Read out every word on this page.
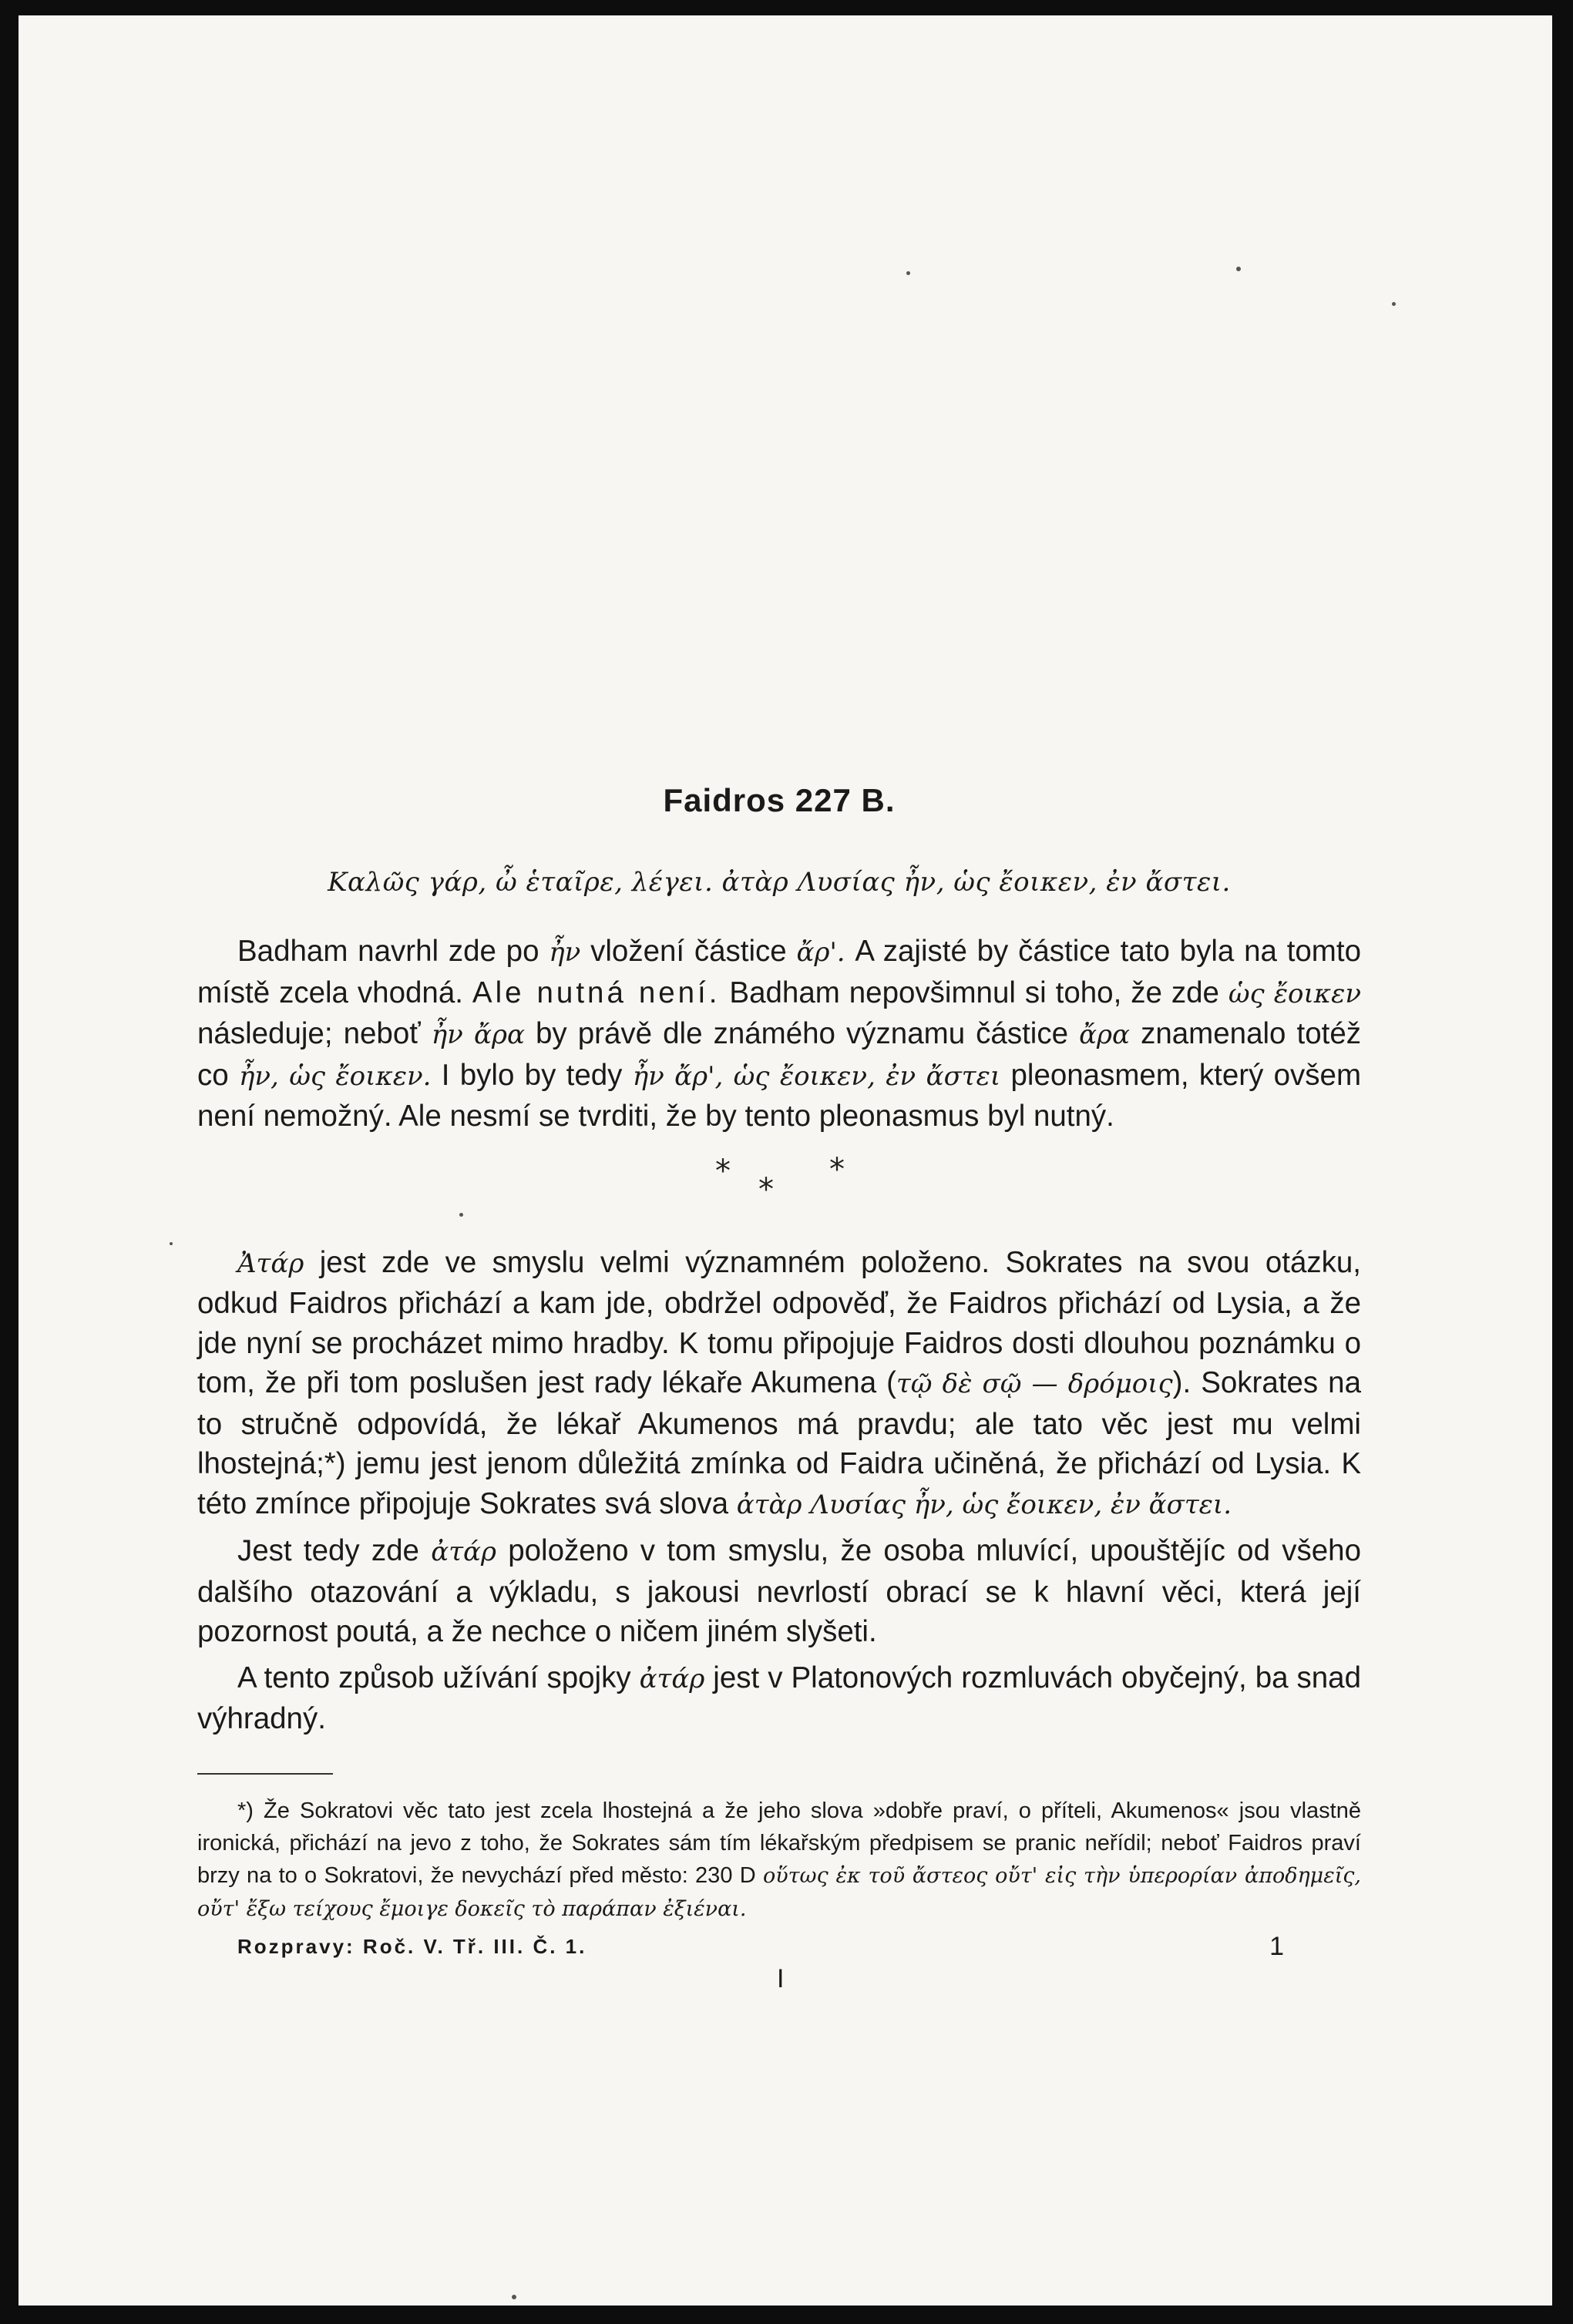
Faidros 227 B.

Καλῶς γάρ, ὦ ἑταῖρε, λέγει. ἀτὰρ Λυσίας ἦν, ὡς ἔοικεν, ἐν ἄστει.

Badham navrhl zde po ἦν vložení částice ἄρ'. A zajisté by částice tato byla na tomto místě zcela vhodná. Ale nutná není. Badham nepovšimnul si toho, že zde ὡς ἔοικεν následuje; neboť ἦν ἄρα by právě dle známého významu částice ἄρα znamenalo totéž co ἦν, ὡς ἔοικεν. I bylo by tedy ἦν ἄρ', ὡς ἔοικεν, ἐν ἄστει pleonasmem, který ovšem není nemožný. Ale nesmí se tvrditi, že by tento pleonasmus byl nutný.

*
*
*

Ἀτάρ jest zde ve smyslu velmi významném položeno. Sokrates na svou otázku, odkud Faidros přichází a kam jde, obdržel odpověď, že Faidros přichází od Lysia, a že jde nyní se procházet mimo hradby. K tomu připojuje Faidros dosti dlouhou poznámku o tom, že při tom poslušen jest rady lékaře Akumena (τῷ δὲ σῷ — δρόμοις). Sokrates na to stručně odpovídá, že lékař Akumenos má pravdu; ale tato věc jest mu velmi lhostejná;*) jemu jest jenom důležitá zmínka od Faidra učiněná, že přichází od Lysia. K této zmínce připojuje Sokrates svá slova ἀτὰρ Λυσίας ἦν, ὡς ἔοικεν, ἐν ἄστει.

Jest tedy zde ἀτάρ položeno v tom smyslu, že osoba mluvící, upouštějíc od všeho dalšího otazování a výkladu, s jakousi nevrlostí obrací se k hlavní věci, která její pozornost poutá, a že nechce o ničem jiném slyšeti.

A tento způsob užívání spojky ἀτάρ jest v Platonových rozmluvách obyčejný, ba snad výhradný.

*) Že Sokratovi věc tato jest zcela lhostejná a že jeho slova »dobře praví, o příteli, Akumenos« jsou vlastně ironická, přichází na jevo z toho, že Sokrates sám tím lékařským předpisem se pranic neřídil; neboť Faidros praví brzy na to o Sokratovi, že nevychází před město: 230 D οὕτως ἐκ τοῦ ἄστεος οὔτ' εἰς τὴν ὑπερορίαν ἀποδημεῖς, οὔτ' ἔξω τείχους ἔμοιγε δοκεῖς τὸ παράπαν ἐξιέναι.

Rozpravy: Roč. V. Tř. III. Č. 1.	1
I
